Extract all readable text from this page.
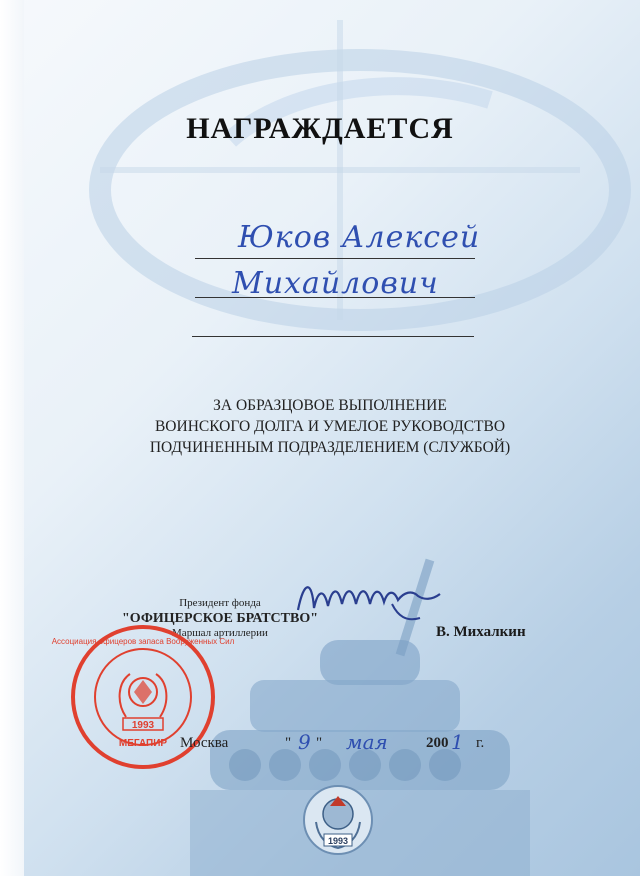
НАГРАЖДАЕТСЯ
Юков Алексей
Михайлович
ЗА ОБРАЗЦОВОЕ ВЫПОЛНЕНИЕ
ВОИНСКОГО ДОЛГА И УМЕЛОЕ РУКОВОДСТВО
ПОДЧИНЕННЫМ ПОДРАЗДЕЛЕНИЕМ (СЛУЖБОЙ)
Президент фонда
"ОФИЦЕРСКОЕ БРАТСТВО"
Маршал артиллерии	В. Михалкин
1993
МЕГАПИР
Ассоциация офицеров запаса Вооруженных Сил
Москва	" 9 " мая	200 1 г.
1993
